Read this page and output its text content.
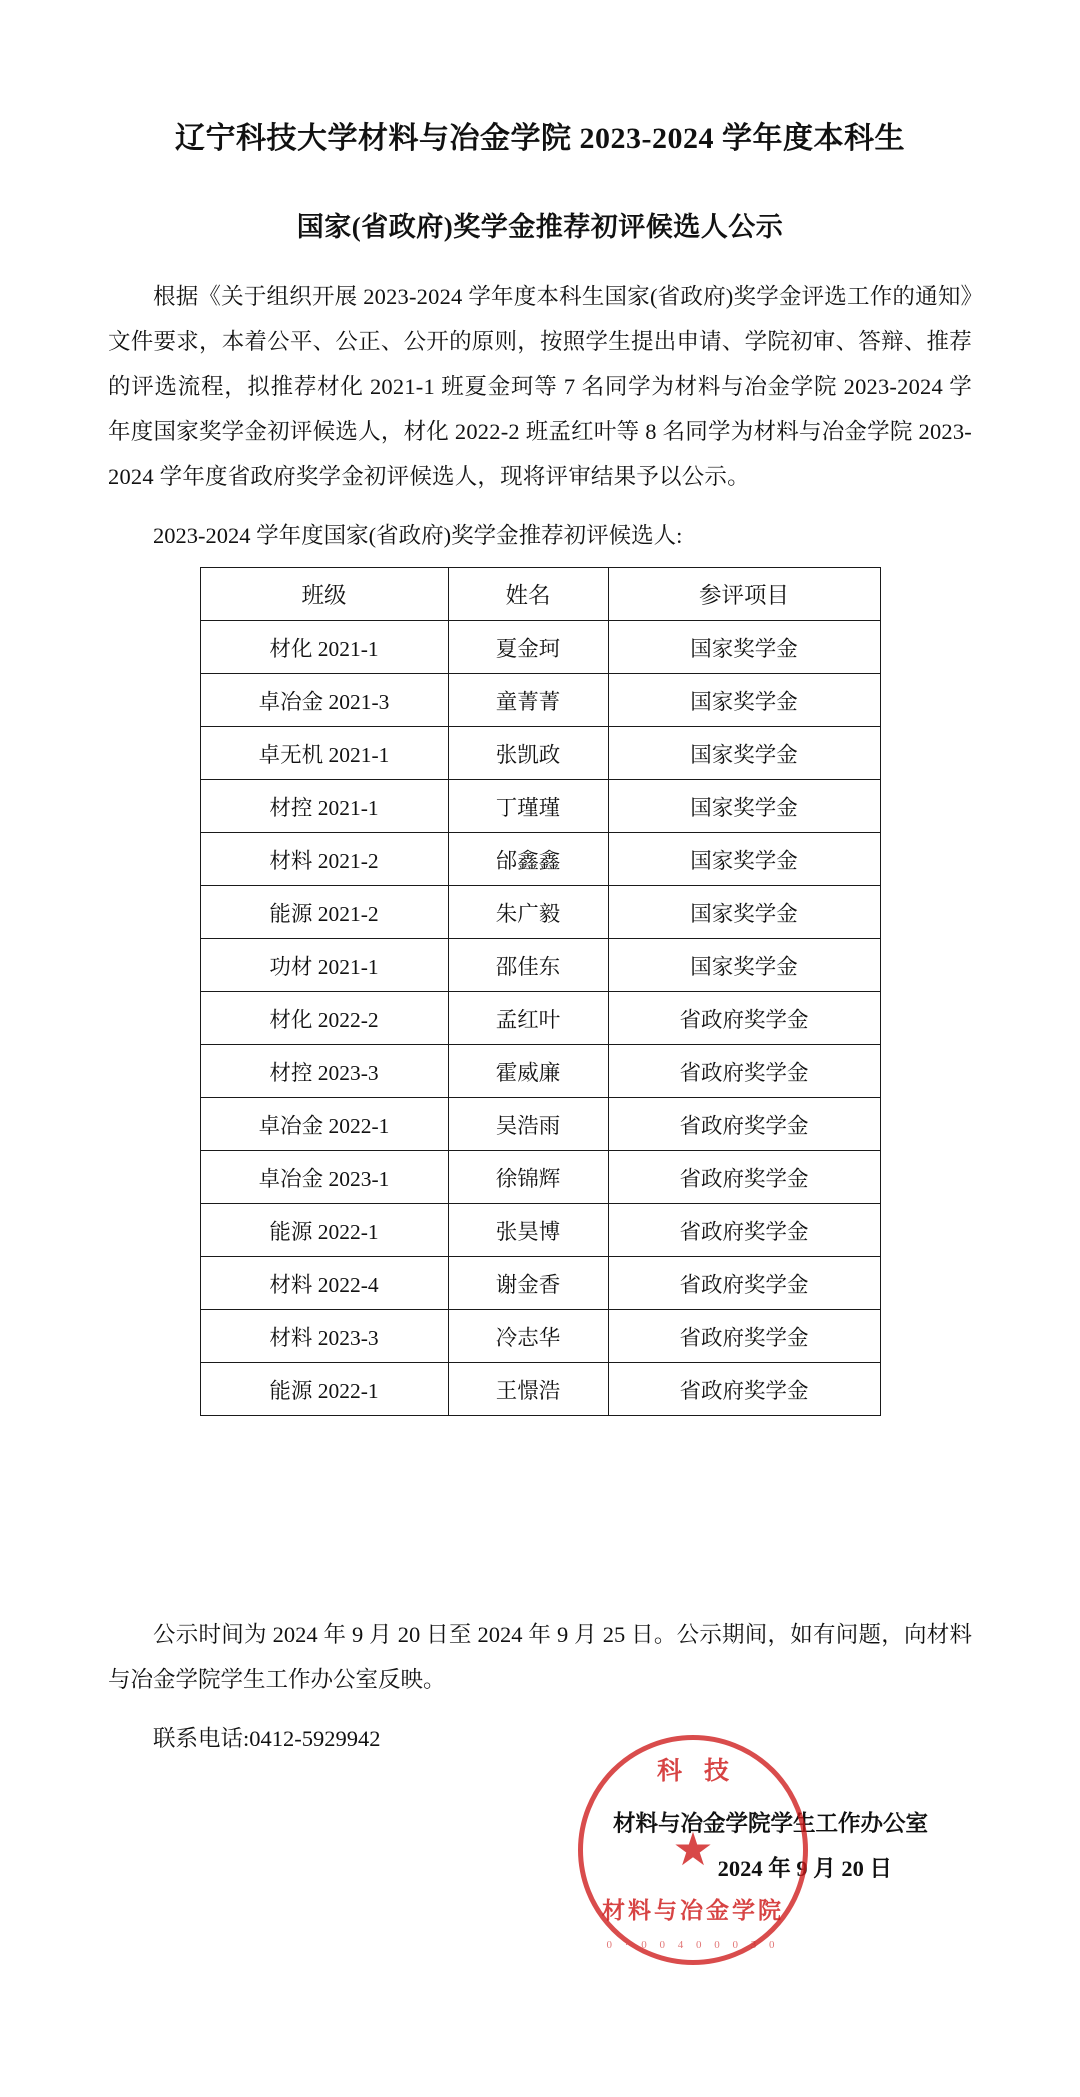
辽宁科技大学材料与冶金学院 2023-2024 学年度本科生
国家(省政府)奖学金推荐初评候选人公示

根据《关于组织开展 2023-2024 学年度本科生国家(省政府)奖学金评选工作的通知》文件要求，本着公平、公正、公开的原则，按照学生提出申请、学院初审、答辩、推荐的评选流程，拟推荐材化 2021-1 班夏金珂等 7 名同学为材料与冶金学院 2023-2024 学年度国家奖学金初评候选人，材化 2022-2 班孟红叶等 8 名同学为材料与冶金学院 2023-2024 学年度省政府奖学金初评候选人，现将评审结果予以公示。

2023-2024 学年度国家(省政府)奖学金推荐初评候选人:

班级	姓名	参评项目
材化 2021-1	夏金珂	国家奖学金
卓冶金 2021-3	童菁菁	国家奖学金
卓无机 2021-1	张凯政	国家奖学金
材控 2021-1	丁瑾瑾	国家奖学金
材料 2021-2	邰鑫鑫	国家奖学金
能源 2021-2	朱广毅	国家奖学金
功材 2021-1	邵佳东	国家奖学金
材化 2022-2	孟红叶	省政府奖学金
材控 2023-3	霍威廉	省政府奖学金
卓冶金 2022-1	吴浩雨	省政府奖学金
卓冶金 2023-1	徐锦辉	省政府奖学金
能源 2022-1	张昊博	省政府奖学金
材料 2022-4	谢金香	省政府奖学金
材料 2023-3	冷志华	省政府奖学金
能源 2022-1	王憬浩	省政府奖学金

公示时间为 2024 年 9 月 20 日至 2024 年 9 月 25 日。公示期间，如有问题，向材料与冶金学院学生工作办公室反映。

联系电话:0412-5929942

科技
★
材料与冶金学院
0 · 0 0 4 0 0 0 3 0
材料与冶金学院学生工作办公室
2024 年 9 月 20 日
